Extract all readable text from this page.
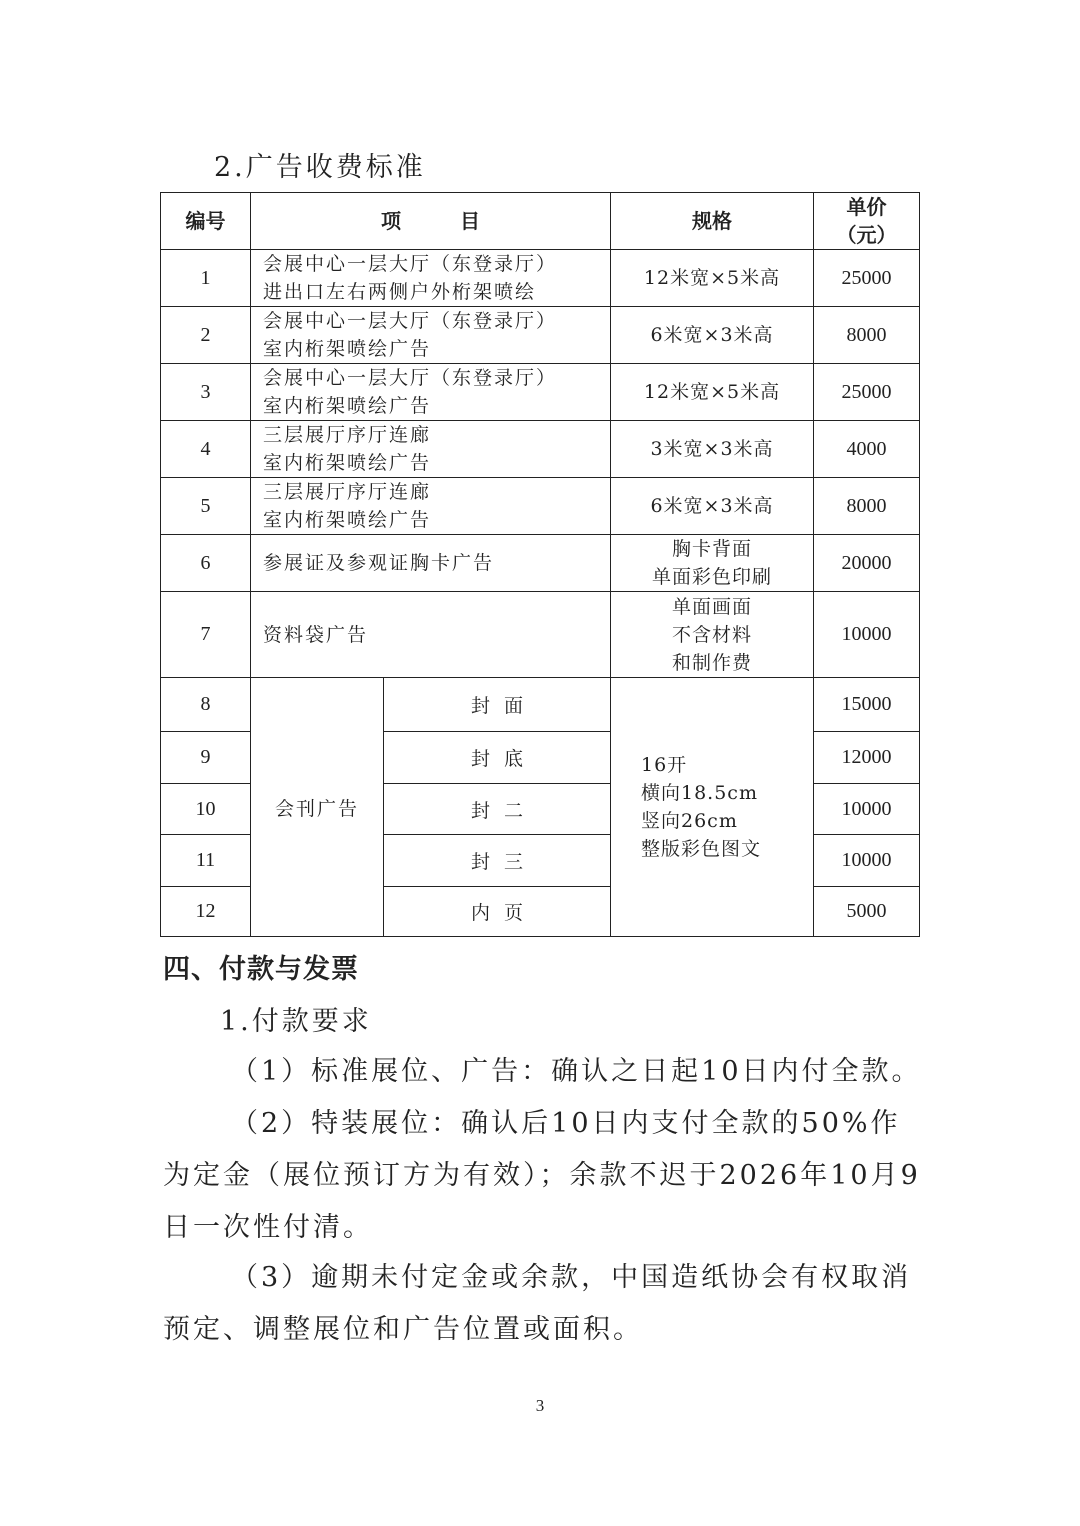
2.广告收费标准
编号	项 目		规格	单价
（元）

1	会展中心一层大厅（东登录厅）
进出口左右两侧户外桁架喷绘		12米宽×5米高	25000
2	会展中心一层大厅（东登录厅）
室内桁架喷绘广告		6米宽×3米高	8000
3	会展中心一层大厅（东登录厅）
室内桁架喷绘广告		12米宽×5米高	25000
4	三层展厅序厅连廊
室内桁架喷绘广告		3米宽×3米高	4000
5	三层展厅序厅连廊
室内桁架喷绘广告		6米宽×3米高	8000
6	参展证及参观证胸卡广告		胸卡背面
单面彩色印刷	20000
7	资料袋广告		单面画面
不含材料
和制作费	10000
8	会刊广告	封面	16开
横向18.5cm
竖向26cm
整版彩色图文	15000
9		封底		12000
10		封二		10000
11		封三		10000
12		内页		5000
四、付款与发票

1.付款要求

（1）标准展位、广告：确认之日起10日内付全款。

（2）特装展位：确认后10日内支付全款的50%作为定金（展位预订方为有效）；余款不迟于2026年10月9日一次性付清。

（3）逾期未付定金或余款，中国造纸协会有权取消预定、调整展位和广告位置或面积。

3
